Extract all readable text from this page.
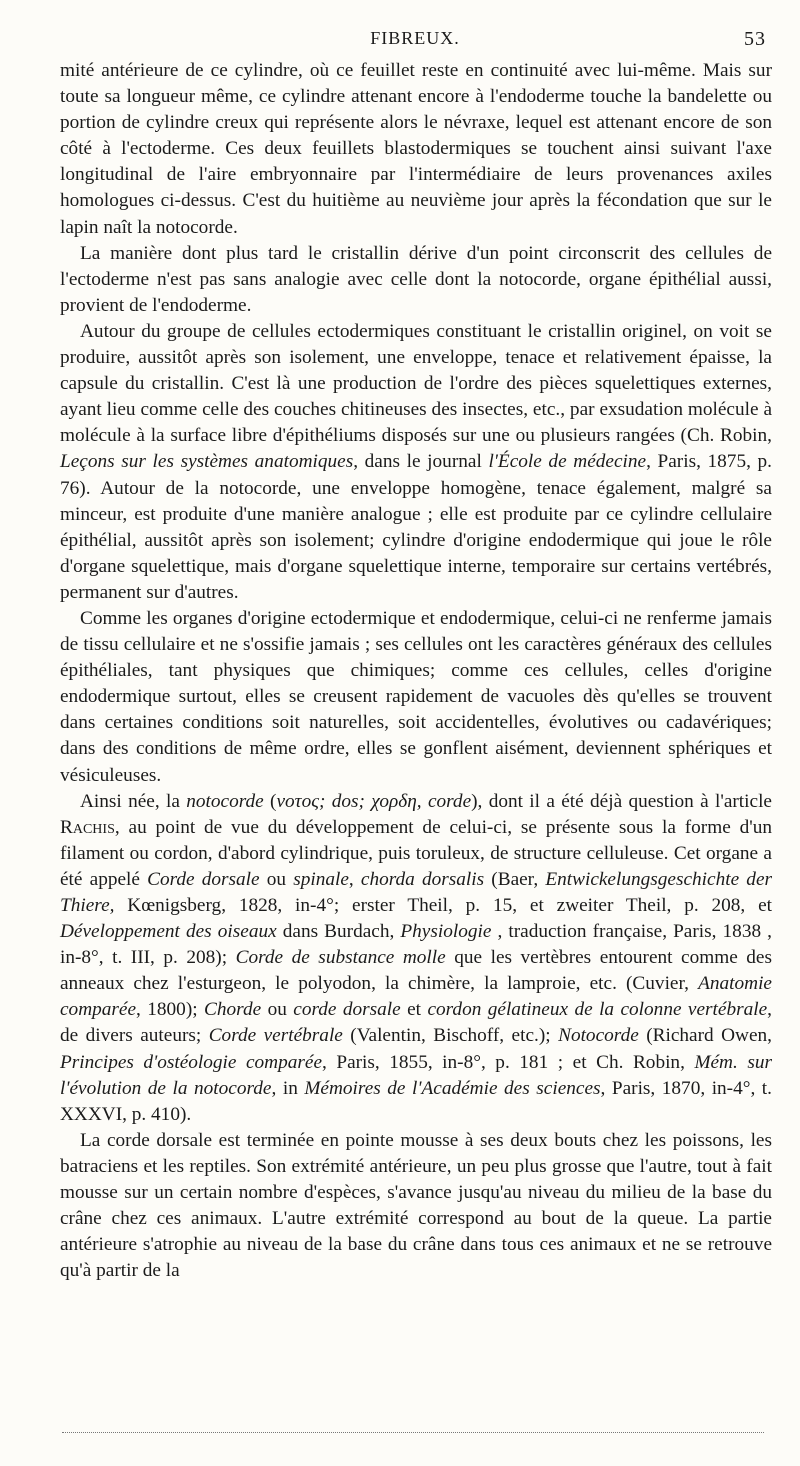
FIBREUX.	53

mité antérieure de ce cylindre, où ce feuillet reste en continuité avec lui-même. Mais sur toute sa longueur même, ce cylindre attenant encore à l'endoderme touche la bandelette ou portion de cylindre creux qui représente alors le névraxe, lequel est attenant encore de son côté à l'ectoderme. Ces deux feuillets blastodermiques se touchent ainsi suivant l'axe longitudinal de l'aire embryonnaire par l'intermédiaire de leurs provenances axiles homologues ci-dessus. C'est du huitième au neuvième jour après la fécondation que sur le lapin naît la notocorde.

La manière dont plus tard le cristallin dérive d'un point circonscrit des cellules de l'ectoderme n'est pas sans analogie avec celle dont la notocorde, organe épithélial aussi, provient de l'endoderme.

Autour du groupe de cellules ectodermiques constituant le cristallin originel, on voit se produire, aussitôt après son isolement, une enveloppe, tenace et relativement épaisse, la capsule du cristallin. C'est là une production de l'ordre des pièces squelettiques externes, ayant lieu comme celle des couches chitineuses des insectes, etc., par exsudation molécule à molécule à la surface libre d'épithéliums disposés sur une ou plusieurs rangées (Ch. Robin, Leçons sur les systèmes anatomiques, dans le journal l'École de médecine, Paris, 1875, p. 76). Autour de la notocorde, une enveloppe homogène, tenace également, malgré sa minceur, est produite d'une manière analogue ; elle est produite par ce cylindre cellulaire épithélial, aussitôt après son isolement; cylindre d'origine endodermique qui joue le rôle d'organe squelettique, mais d'organe squelettique interne, temporaire sur certains vertébrés, permanent sur d'autres.

Comme les organes d'origine ectodermique et endodermique, celui-ci ne renferme jamais de tissu cellulaire et ne s'ossifie jamais ; ses cellules ont les caractères généraux des cellules épithéliales, tant physiques que chimiques; comme ces cellules, celles d'origine endodermique surtout, elles se creusent rapidement de vacuoles dès qu'elles se trouvent dans certaines conditions soit naturelles, soit accidentelles, évolutives ou cadavériques; dans des conditions de même ordre, elles se gonflent aisément, deviennent sphériques et vésiculeuses.

Ainsi née, la notocorde (νοτος; dos; χορδη, corde), dont il a été déjà question à l'article Rachis, au point de vue du développement de celui-ci, se présente sous la forme d'un filament ou cordon, d'abord cylindrique, puis toruleux, de structure celluleuse. Cet organe a été appelé Corde dorsale ou spinale, chorda dorsalis (Baer, Entwickelungsgeschichte der Thiere, Kœnigsberg, 1828, in-4°; erster Theil, p. 15, et zweiter Theil, p. 208, et Développement des oiseaux dans Burdach, Physiologie , traduction française, Paris, 1838 , in-8°, t. III, p. 208); Corde de substance molle que les vertèbres entourent comme des anneaux chez l'esturgeon, le polyodon, la chimère, la lamproie, etc. (Cuvier, Anatomie comparée, 1800); Chorde ou corde dorsale et cordon gélatineux de la colonne vertébrale, de divers auteurs; Corde vertébrale (Valentin, Bischoff, etc.); Notocorde (Richard Owen, Principes d'ostéologie comparée, Paris, 1855, in-8°, p. 181 ; et Ch. Robin, Mém. sur l'évolution de la notocorde, in Mémoires de l'Académie des sciences, Paris, 1870, in-4°, t. XXXVI, p. 410).

La corde dorsale est terminée en pointe mousse à ses deux bouts chez les poissons, les batraciens et les reptiles. Son extrémité antérieure, un peu plus grosse que l'autre, tout à fait mousse sur un certain nombre d'espèces, s'avance jusqu'au niveau du milieu de la base du crâne chez ces animaux. L'autre extrémité correspond au bout de la queue. La partie antérieure s'atrophie au niveau de la base du crâne dans tous ces animaux et ne se retrouve qu'à partir de la
